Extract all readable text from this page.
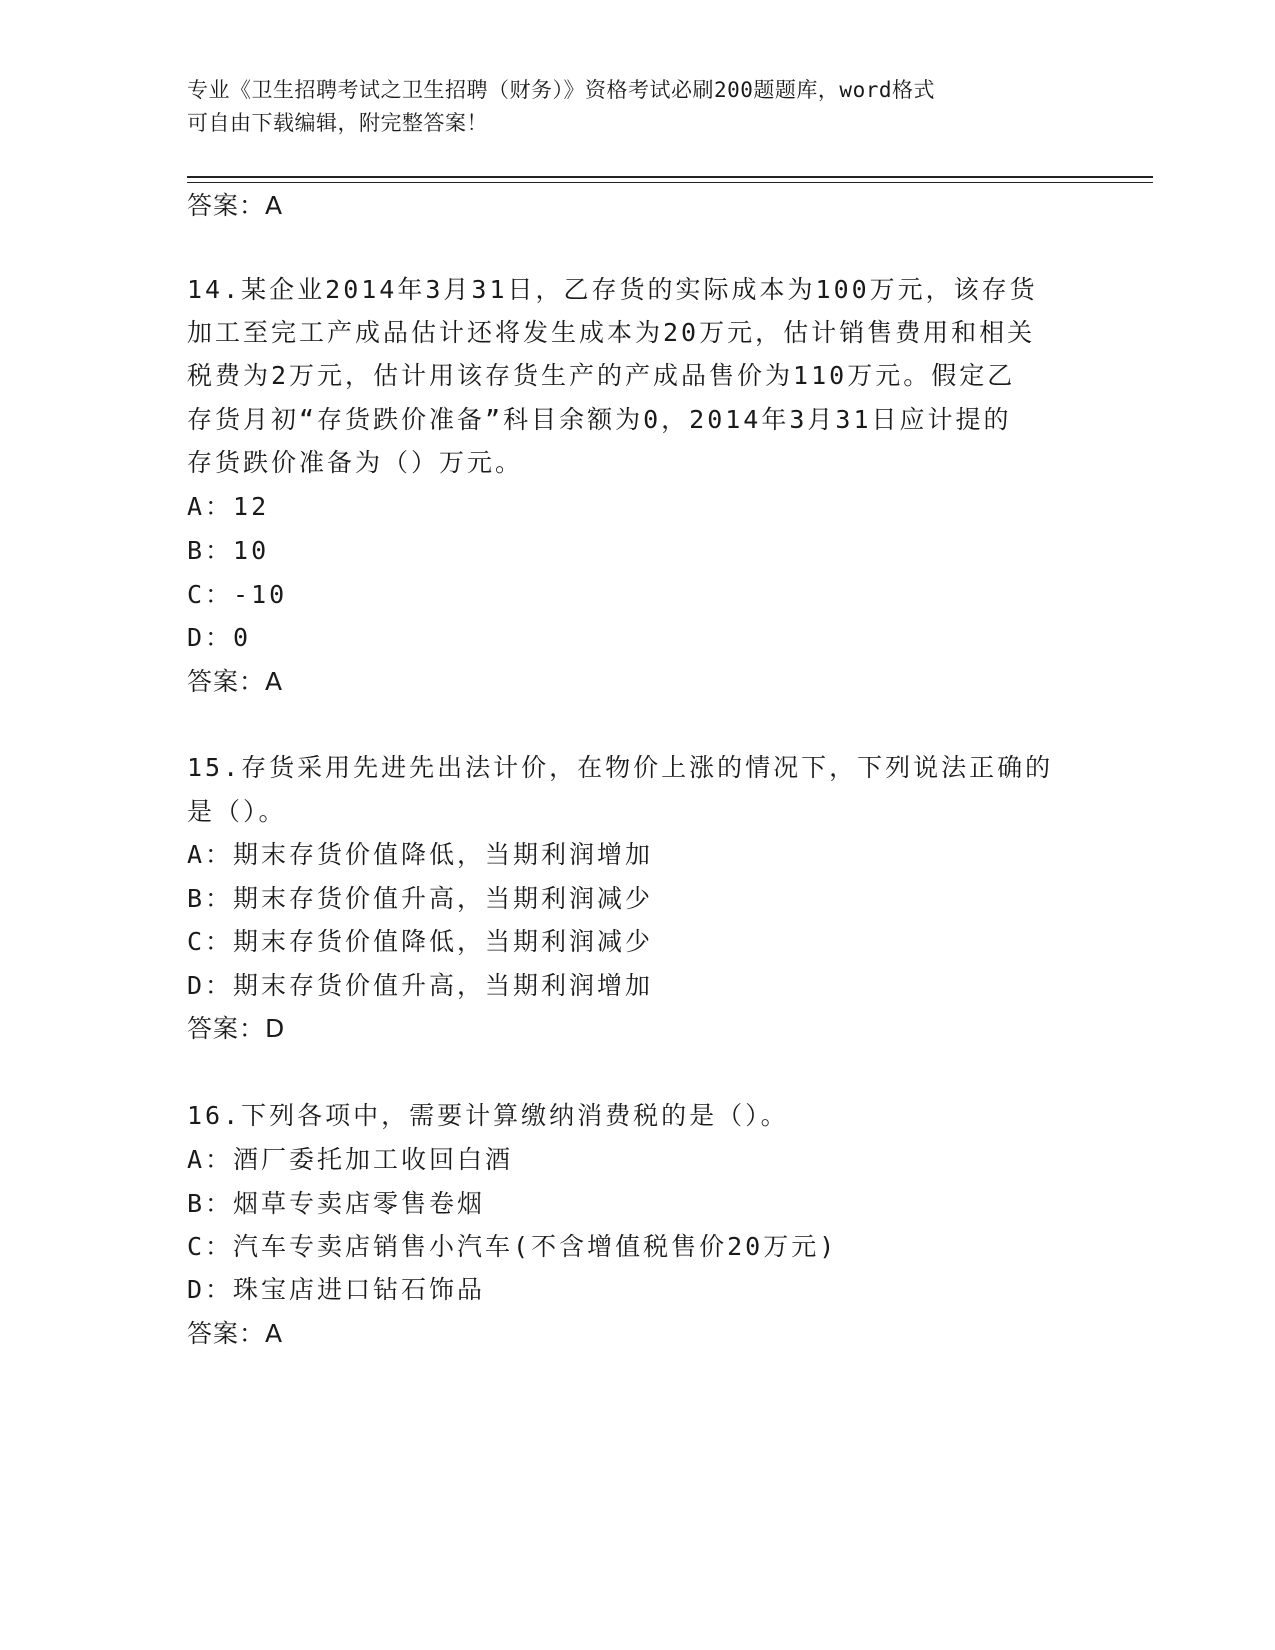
专业《卫生招聘考试之卫生招聘（财务）》资格考试必刷200题题库，word格式
可自由下载编辑，附完整答案！
答案：A
14.某企业2014年3月31日，乙存货的实际成本为100万元，该存货
加工至完工产成品估计还将发生成本为20万元，估计销售费用和相关
税费为2万元，估计用该存货生产的产成品售价为110万元。假定乙
存货月初“存货跌价准备”科目余额为0，2014年3月31日应计提的
存货跌价准备为（）万元。
A：12
B：10
C：-10
D：0
答案：A
15.存货采用先进先出法计价，在物价上涨的情况下，下列说法正确的
是（）。
A：期末存货价值降低，当期利润增加
B：期末存货价值升高，当期利润减少
C：期末存货价值降低，当期利润减少
D：期末存货价值升高，当期利润增加
答案：D
16.下列各项中，需要计算缴纳消费税的是（）。
A：酒厂委托加工收回白酒
B：烟草专卖店零售卷烟
C：汽车专卖店销售小汽车(不含增值税售价20万元)
D：珠宝店进口钻石饰品
答案：A
